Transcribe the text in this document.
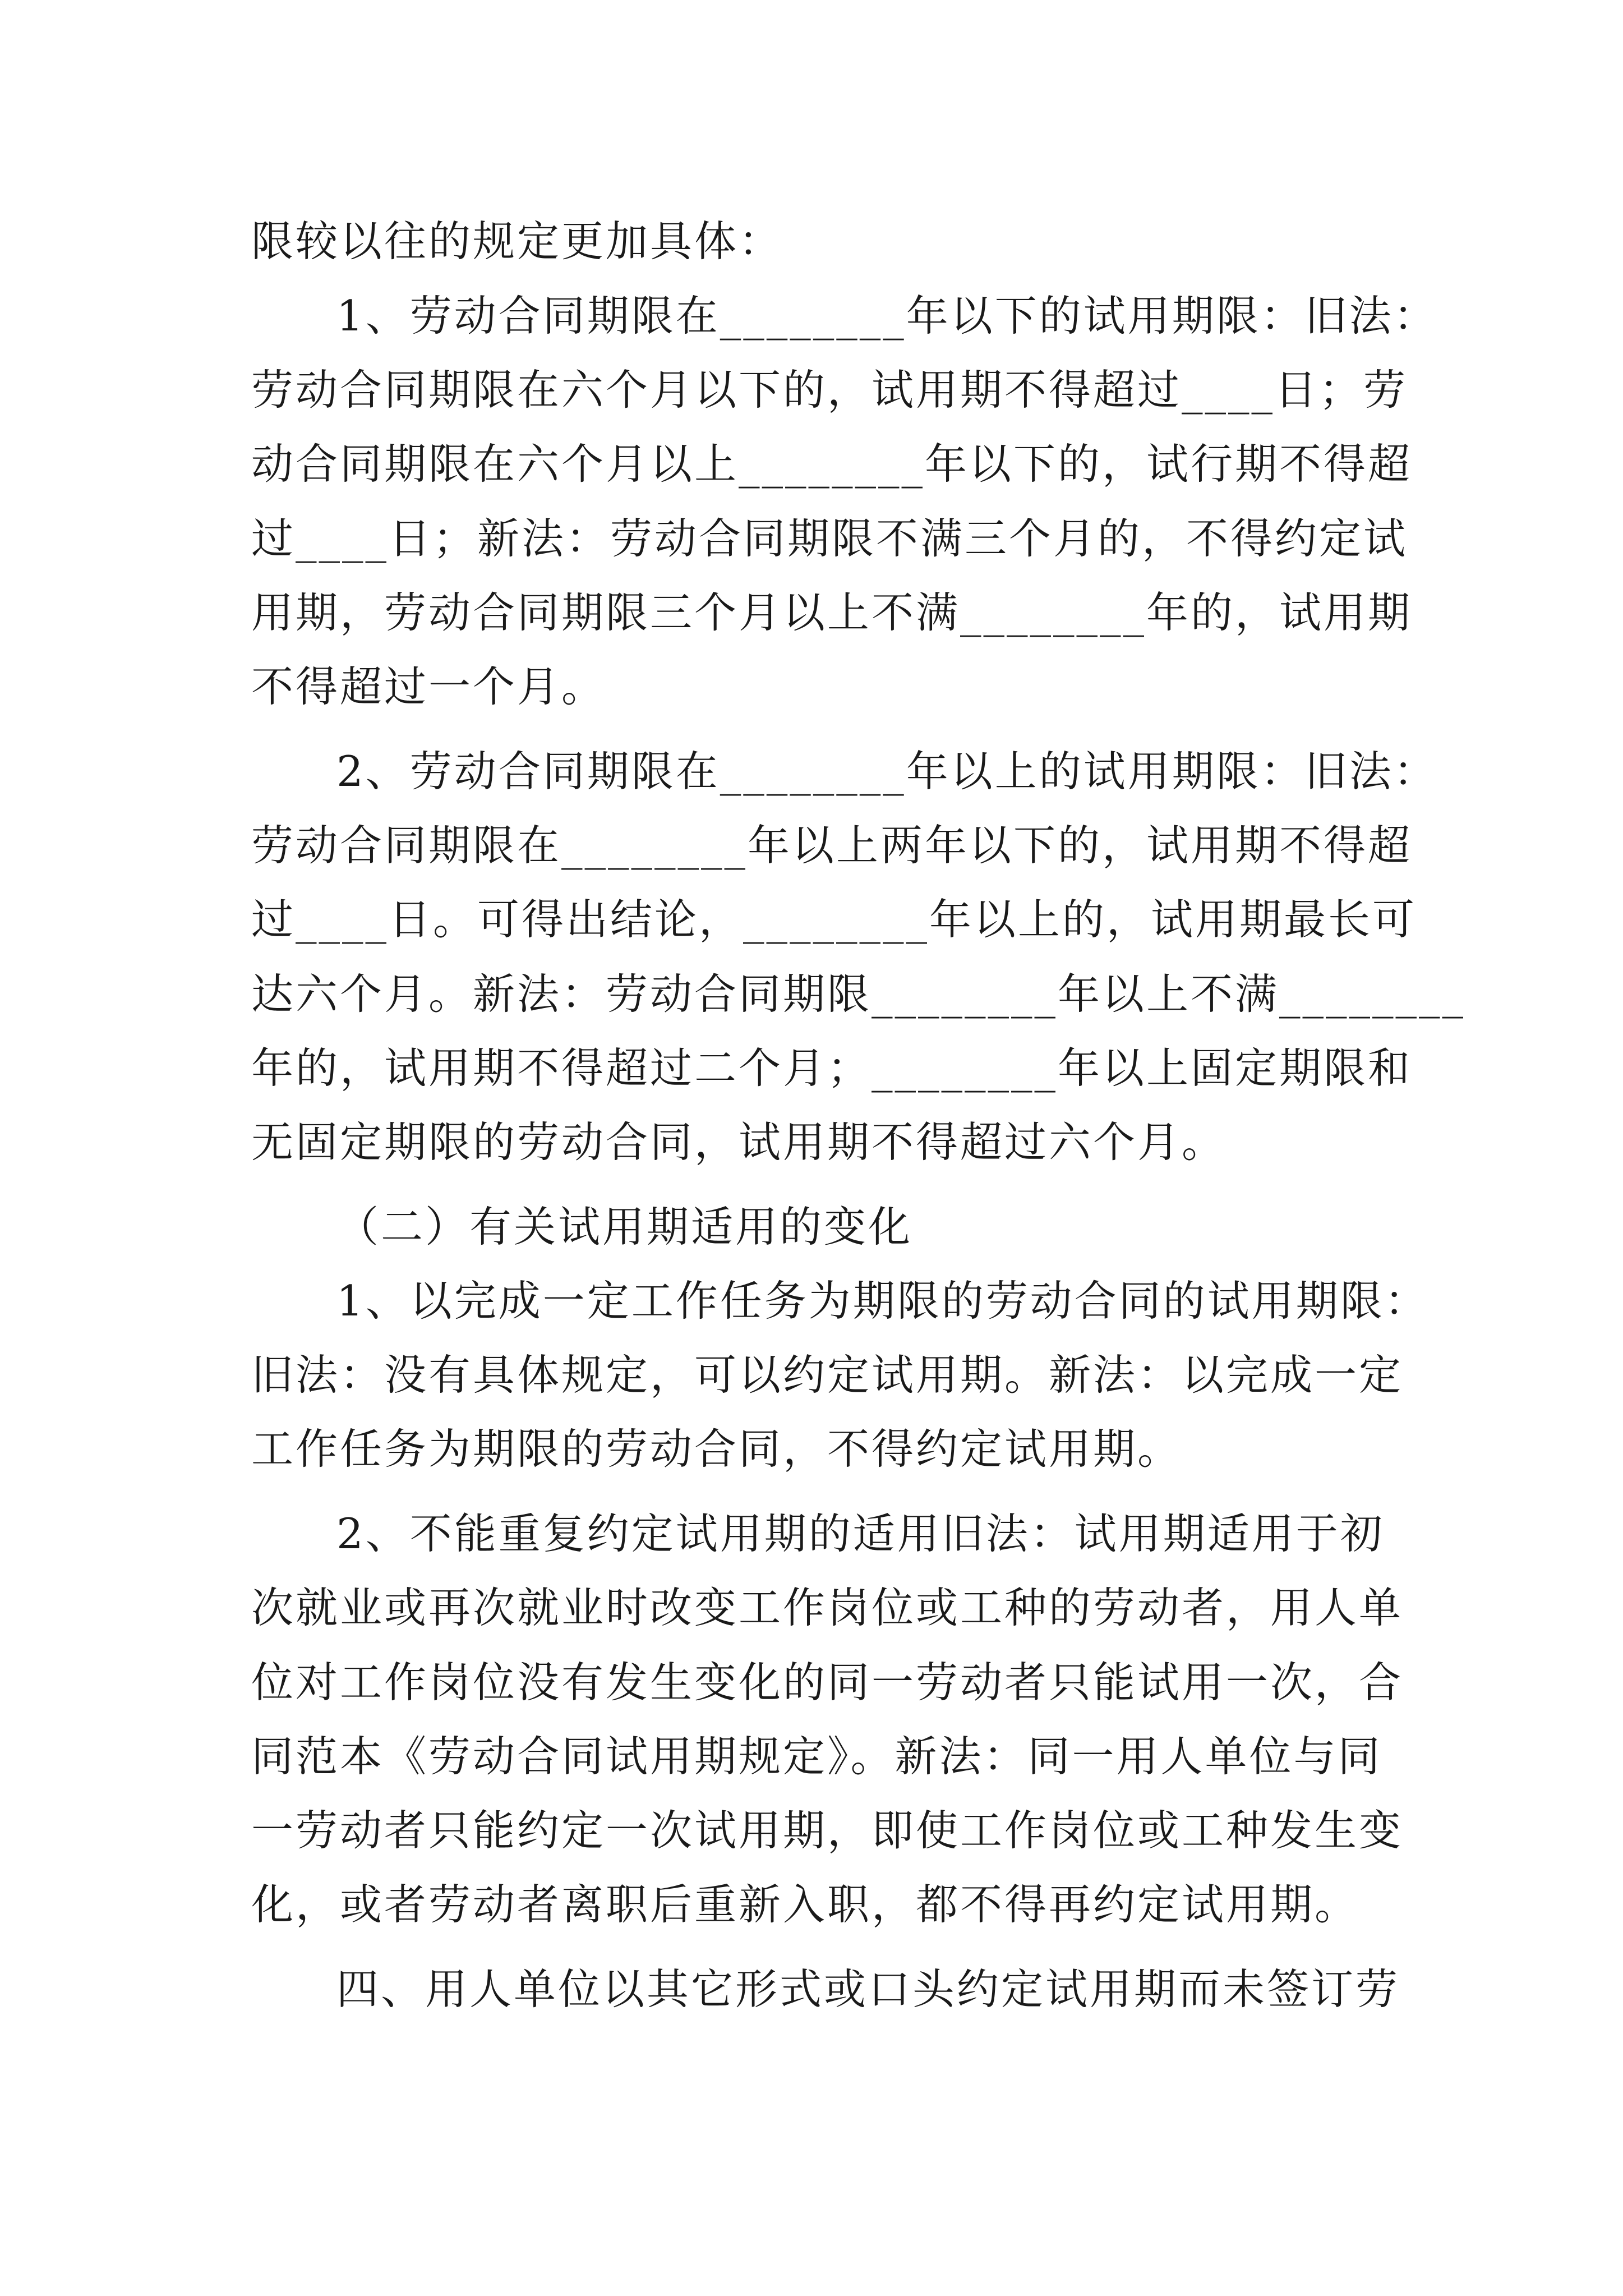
限较以往的规定更加具体：
1、劳动合同期限在________年以下的试用期限：旧法：
劳动合同期限在六个月以下的，试用期不得超过____日；劳
动合同期限在六个月以上________年以下的，试行期不得超
过____日；新法：劳动合同期限不满三个月的，不得约定试
用期，劳动合同期限三个月以上不满________年的，试用期
不得超过一个月。
2、劳动合同期限在________年以上的试用期限：旧法：
劳动合同期限在________年以上两年以下的，试用期不得超
过____日。可得出结论，________年以上的，试用期最长可
达六个月。新法：劳动合同期限________年以上不满________
年的，试用期不得超过二个月；________年以上固定期限和
无固定期限的劳动合同，试用期不得超过六个月。
（二）有关试用期适用的变化
1、以完成一定工作任务为期限的劳动合同的试用期限：
旧法：没有具体规定，可以约定试用期。新法：以完成一定
工作任务为期限的劳动合同，不得约定试用期。
2、不能重复约定试用期的适用旧法：试用期适用于初
次就业或再次就业时改变工作岗位或工种的劳动者，用人单
位对工作岗位没有发生变化的同一劳动者只能试用一次，合
同范本《劳动合同试用期规定》。新法：同一用人单位与同
一劳动者只能约定一次试用期，即使工作岗位或工种发生变
化，或者劳动者离职后重新入职，都不得再约定试用期。
四、用人单位以其它形式或口头约定试用期而未签订劳
